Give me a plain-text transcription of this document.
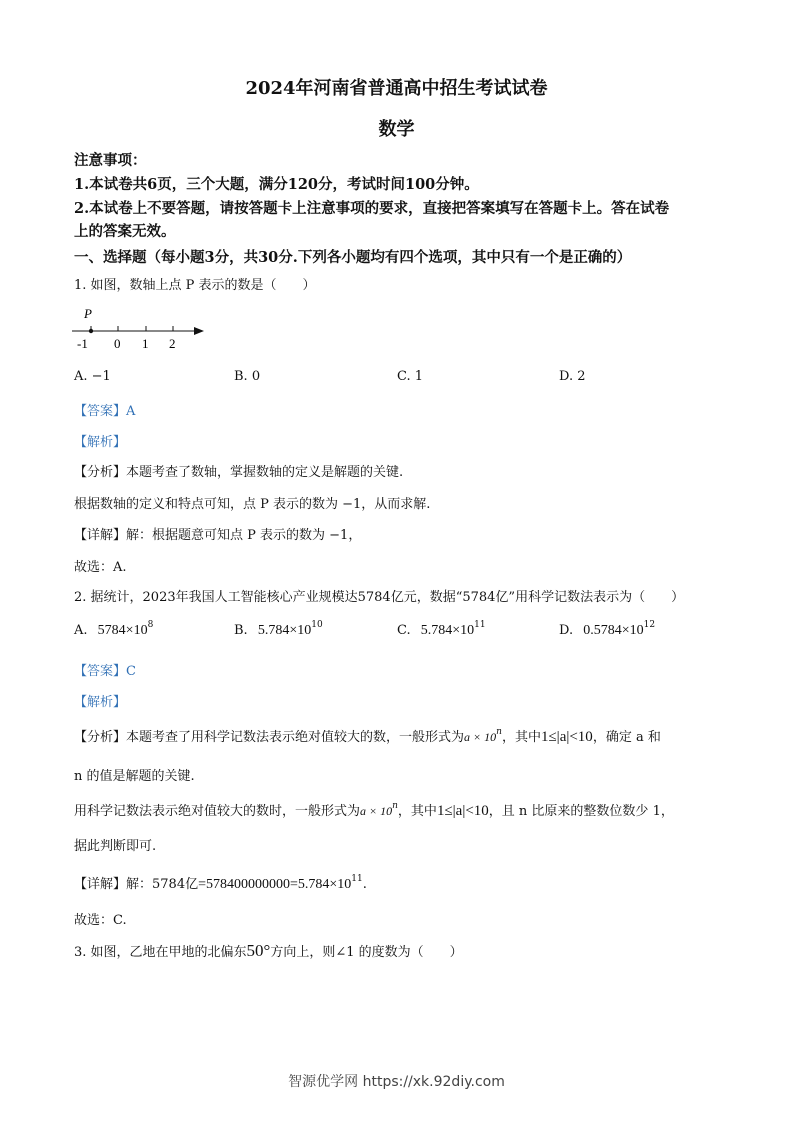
2024年河南省普通高中招生考试试卷
数学
注意事项：
1.本试卷共6页，三个大题，满分120分，考试时间100分钟。
2.本试卷上不要答题，请按答题卡上注意事项的要求，直接把答案填写在答题卡上。答在试卷
上的答案无效。
一、选择题（每小题3分，共30分.下列各小题均有四个选项，其中只有一个是正确的）
1. 如图，数轴上点 P 表示的数是（　　）
P
-1 0 1 2
A. −1	B. 0	C. 1	D. 2
【答案】A
【解析】
【分析】本题考查了数轴，掌握数轴的定义是解题的关键.
根据数轴的定义和特点可知，点 P 表示的数为 −1，从而求解.
【详解】解：根据题意可知点 P 表示的数为 −1，
故选：A.
2. 据统计，2023年我国人工智能核心产业规模达5784亿元，数据“5784亿”用科学记数法表示为（　　）
A. $5784\times 10^8$	B. $5.784\times 10^{10}$	C. $5.784\times 10^{11}$	D. $0.5784\times 10^{12}$
【答案】C
【解析】
【分析】本题考查了用科学记数法表示绝对值较大的数，一般形式为$a \times 10^n$，其中1≤|a|<10，确定 a 和
n 的值是解题的关键.
用科学记数法表示绝对值较大的数时，一般形式为$a \times 10^n$，其中1≤|a|<10，且 n 比原来的整数位数少 1，
据此判断即可.
【详解】解：5784亿$=578400000000=5.784\times 10^{11}$.
故选：C.
3. 如图，乙地在甲地的北偏东50°方向上，则∠1 的度数为（　　）
智源优学网 https://xk.92diy.com
